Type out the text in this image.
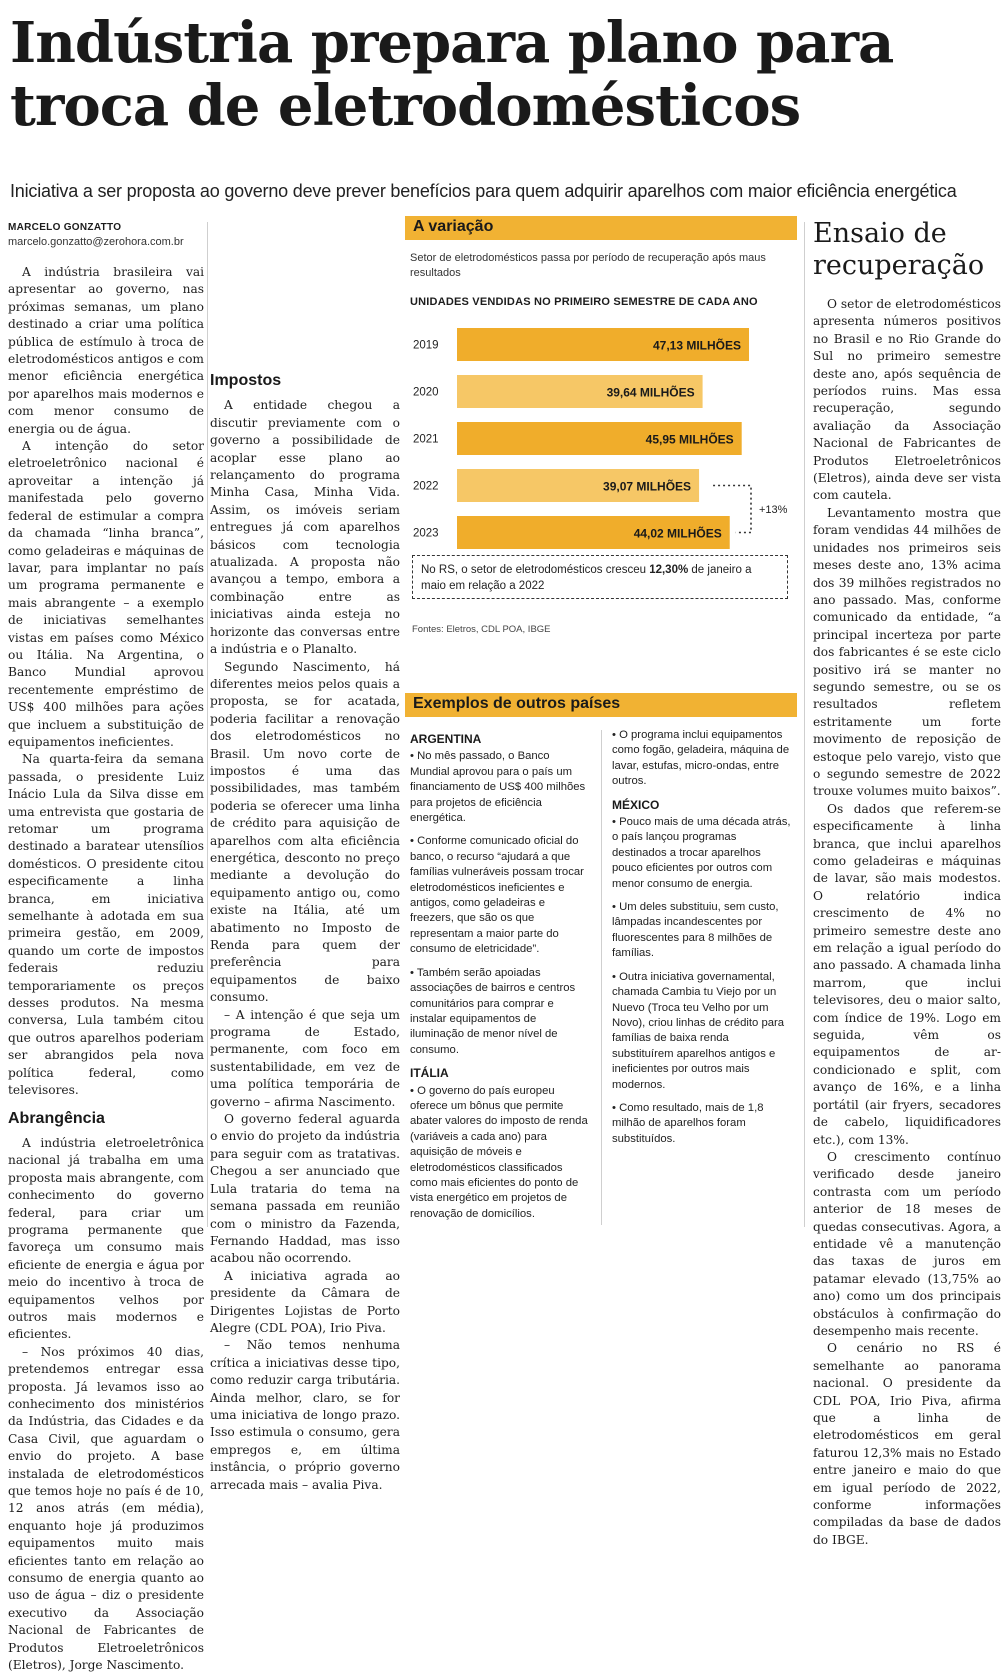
Indústria prepara plano para troca de eletrodomésticos
Iniciativa a ser proposta ao governo deve prever benefícios para quem adquirir aparelhos com maior eficiência energética
MARCELO GONZATTO
marcelo.gonzatto@zerohora.com.br

A indústria brasileira vai apresentar ao governo, nas próximas semanas, um plano destinado a criar uma política pública de estímulo à troca de eletrodomésticos antigos e com menor eficiência energética por aparelhos mais modernos e com menor consumo de energia ou de água.

A intenção do setor eletroeletrônico nacional é aproveitar a intenção já manifestada pelo governo federal de estimular a compra da chamada “linha branca”, como geladeiras e máquinas de lavar, para implantar no país um programa permanente e mais abrangente – a exemplo de iniciativas semelhantes vistas em países como México ou Itália. Na Argentina, o Banco Mundial aprovou recentemente empréstimo de US$ 400 milhões para ações que incluem a substituição de equipamentos ineficientes.

Na quarta-feira da semana passada, o presidente Luiz Inácio Lula da Silva disse em uma entrevista que gostaria de retomar um programa destinado a baratear utensílios domésticos. O presidente citou especificamente a linha branca, em iniciativa semelhante à adotada em sua primeira gestão, em 2009, quando um corte de impostos federais reduziu temporariamente os preços desses produtos. Na mesma conversa, Lula também citou que outros aparelhos poderiam ser abrangidos pela nova política federal, como televisores.

Abrangência

A indústria eletroeletrônica nacional já trabalha em uma proposta mais abrangente, com conhecimento do governo federal, para criar um programa permanente que favoreça um consumo mais eficiente de energia e água por meio do incentivo à troca de equipamentos velhos por outros mais modernos e eficientes.

– Nos próximos 40 dias, pretendemos entregar essa proposta. Já levamos isso ao conhecimento dos ministérios da Indústria, das Cidades e da Casa Civil, que aguardam o envio do projeto. A base instalada de eletrodomésticos que temos hoje no país é de 10, 12 anos atrás (em média), enquanto hoje já produzimos equipamentos muito mais eficientes tanto em relação ao consumo de energia quanto ao uso de água – diz o presidente executivo da Associação Nacional de Fabricantes de Produtos Eletroeletrônicos (Eletros), Jorge Nascimento.

Impostos

A entidade chegou a discutir previamente com o governo a possibilidade de acoplar esse plano ao relançamento do programa Minha Casa, Minha Vida. Assim, os imóveis seriam entregues já com aparelhos básicos com tecnologia atualizada. A proposta não avançou a tempo, embora a combinação entre as iniciativas ainda esteja no horizonte das conversas entre a indústria e o Planalto.

Segundo Nascimento, há diferentes meios pelos quais a proposta, se for acatada, poderia facilitar a renovação dos eletrodomésticos no Brasil. Um novo corte de impostos é uma das possibilidades, mas também poderia se oferecer uma linha de crédito para aquisição de aparelhos com alta eficiência energética, desconto no preço mediante a devolução do equipamento antigo ou, como existe na Itália, até um abatimento no Imposto de Renda para quem der preferência para equipamentos de baixo consumo.

– A intenção é que seja um programa de Estado, permanente, com foco em sustentabilidade, em vez de uma política temporária de governo – afirma Nascimento.

O governo federal aguarda o envio do projeto da indústria para seguir com as tratativas. Chegou a ser anunciado que Lula trataria do tema na semana passada em reunião com o ministro da Fazenda, Fernando Haddad, mas isso acabou não ocorrendo.

A iniciativa agrada ao presidente da Câmara de Dirigentes Lojistas de Porto Alegre (CDL POA), Irio Piva.

– Não temos nenhuma crítica a iniciativas desse tipo, como reduzir carga tributária. Ainda melhor, claro, se for uma iniciativa de longo prazo. Isso estimula o consumo, gera empregos e, em última instância, o próprio governo arrecada mais – avalia Piva.

A variação
Setor de eletrodomésticos passa por período de recuperação após maus resultados
UNIDADES VENDIDAS NO PRIMEIRO SEMESTRE DE CADA ANO
2019	47,13 MILHÕES
2020	39,64 MILHÕES
2021	45,95 MILHÕES
2022	39,07 MILHÕES
2023	44,02 MILHÕES
+13%
No RS, o setor de eletrodomésticos cresceu 12,30% de janeiro a maio em relação a 2022
Fontes: Eletros, CDL POA, IBGE
Exemplos de outros países
ARGENTINA
• No mês passado, o Banco Mundial aprovou para o país um financiamento de US$ 400 milhões para projetos de eficiência energética.
• Conforme comunicado oficial do banco, o recurso “ajudará a que famílias vulneráveis possam trocar eletrodomésticos ineficientes e antigos, como geladeiras e freezers, que são os que representam a maior parte do consumo de eletricidade”.
• Também serão apoiadas associações de bairros e centros comunitários para comprar e instalar equipamentos de iluminação de menor nível de consumo.
ITÁLIA
• O governo do país europeu oferece um bônus que permite abater valores do imposto de renda (variáveis a cada ano) para aquisição de móveis e eletrodomésticos classificados como mais eficientes do ponto de vista energético em projetos de renovação de domicílios.
• O programa inclui equipamentos como fogão, geladeira, máquina de lavar, estufas, micro-ondas, entre outros.
MÉXICO
• Pouco mais de uma década atrás, o país lançou programas destinados a trocar aparelhos pouco eficientes por outros com menor consumo de energia.
• Um deles substituiu, sem custo, lâmpadas incandescentes por fluorescentes para 8 milhões de famílias.
• Outra iniciativa governamental, chamada Cambia tu Viejo por un Nuevo (Troca teu Velho por um Novo), criou linhas de crédito para famílias de baixa renda substituírem aparelhos antigos e ineficientes por outros mais modernos.
• Como resultado, mais de 1,8 milhão de aparelhos foram substituídos.
Ensaio de recuperação

O setor de eletrodomésticos apresenta números positivos no Brasil e no Rio Grande do Sul no primeiro semestre deste ano, após sequência de períodos ruins. Mas essa recuperação, segundo avaliação da Associação Nacional de Fabricantes de Produtos Eletroeletrônicos (Eletros), ainda deve ser vista com cautela.

Levantamento mostra que foram vendidas 44 milhões de unidades nos primeiros seis meses deste ano, 13% acima dos 39 milhões registrados no ano passado. Mas, conforme comunicado da entidade, “a principal incerteza por parte dos fabricantes é se este ciclo positivo irá se manter no segundo semestre, ou se os resultados refletem estritamente um forte movimento de reposição de estoque pelo varejo, visto que o segundo semestre de 2022 trouxe volumes muito baixos”.

Os dados que referem-se especificamente à linha branca, que inclui aparelhos como geladeiras e máquinas de lavar, são mais modestos. O relatório indica crescimento de 4% no primeiro semestre deste ano em relação a igual período do ano passado. A chamada linha marrom, que inclui televisores, deu o maior salto, com índice de 19%. Logo em seguida, vêm os equipamentos de ar-condicionado e split, com avanço de 16%, e a linha portátil (air fryers, secadores de cabelo, liquidificadores etc.), com 13%.

O crescimento contínuo verificado desde janeiro contrasta com um período anterior de 18 meses de quedas consecutivas. Agora, a entidade vê a manutenção das taxas de juros em patamar elevado (13,75% ao ano) como um dos principais obstáculos à confirmação do desempenho mais recente.

O cenário no RS é semelhante ao panorama nacional. O presidente da CDL POA, Irio Piva, afirma que a linha de eletrodomésticos em geral faturou 12,3% mais no Estado entre janeiro e maio do que em igual período de 2022, conforme informações compiladas da base de dados do IBGE.
